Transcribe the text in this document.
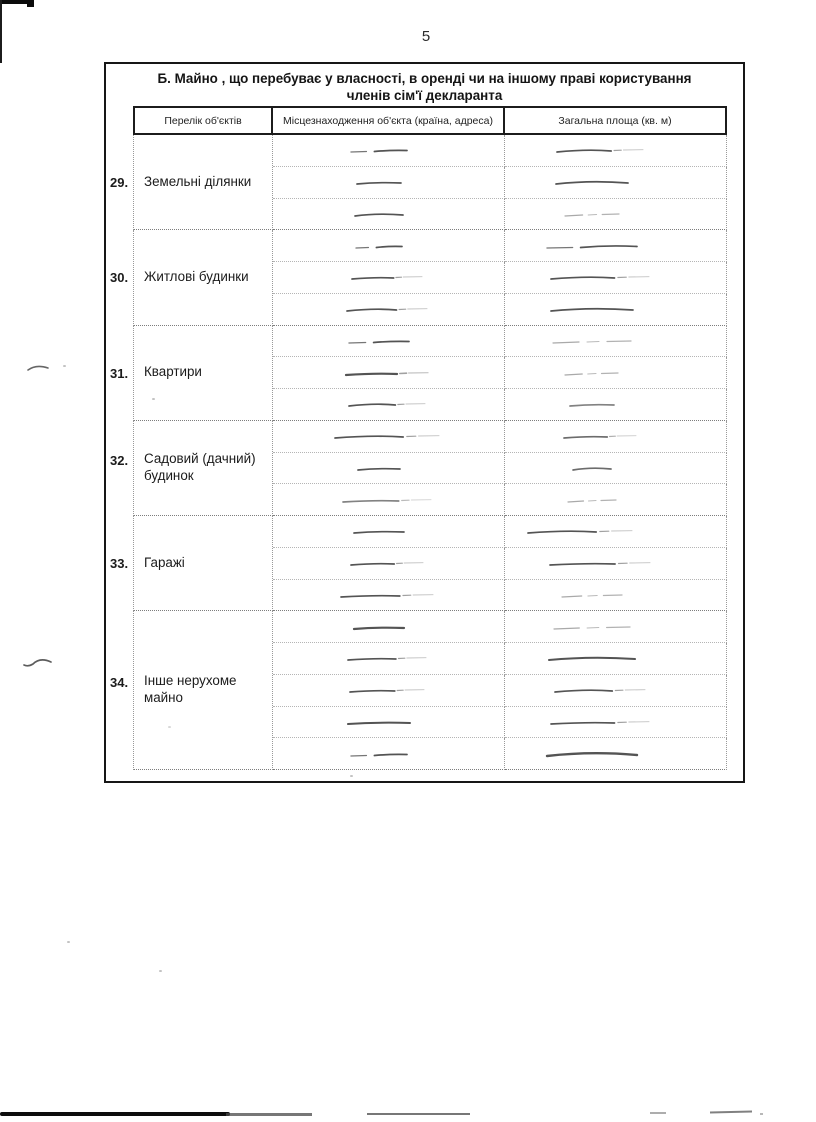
5
Б. Майно , що перебуває у власності, в оренді чи на іншому праві користування
членів сім'ї декларанта
Перелік об'єктів	Місцезнаходження об'єкта (країна, адреса)	Загальна площа (кв. м)
29.	Земельні ділянки
30.	Житлові будинки
31.	Квартири
32.	Садовий (дачний) будинок
33.	Гаражі
34.	Інше нерухоме майно
